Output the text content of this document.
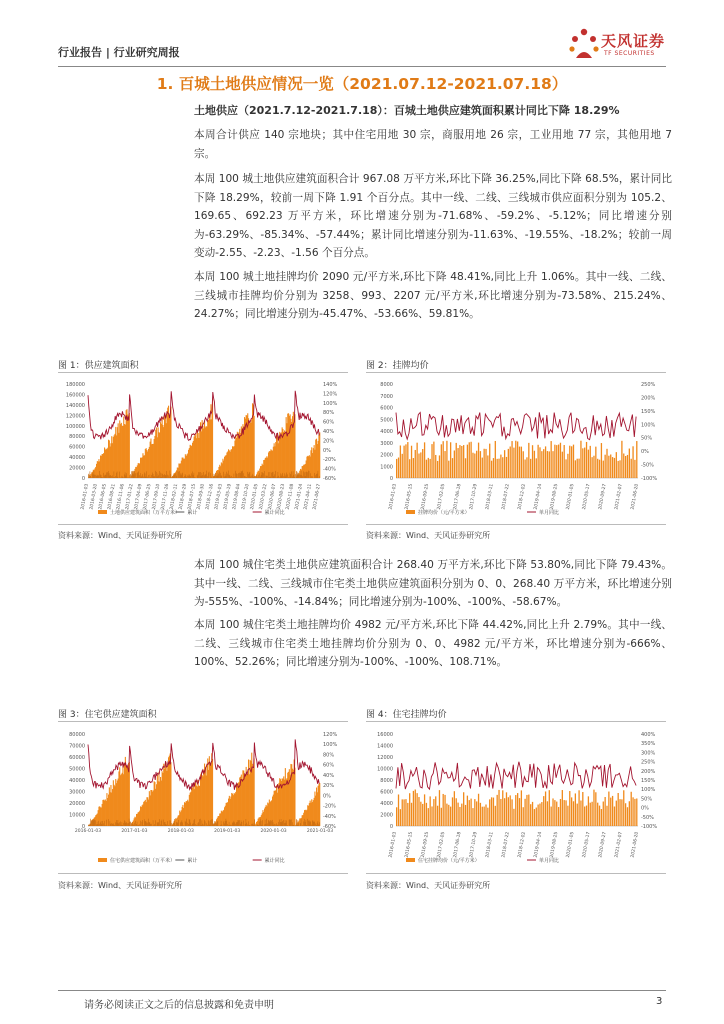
行业报告 | 行业研究周报
天风证券
TF SECURITIES
1. 百城土地供应情况一览（2021.07.12-2021.07.18）
土地供应（2021.7.12-2021.7.18）：百城土地供应建筑面积累计同比下降 18.29%
本周合计供应 140 宗地块；其中住宅用地 30 宗，商服用地 26 宗，工业用地 77 宗，其他用地 7 宗。
本周 100 城土地供应建筑面积合计 967.08 万平方米,环比下降 36.25%,同比下降 68.5%，累计同比下降 18.29%，较前一周下降 1.91 个百分点。其中一线、二线、三线城市供应面积分别为 105.2、169.65、692.23 万平方米，环比增速分别为-71.68%、-59.2%、-5.12%；同比增速分别为-63.29%、-85.34%、-57.44%；累计同比增速分别为-11.63%、-19.55%、-18.2%；较前一周变动-2.55、-2.23、-1.56 个百分点。
本周 100 城土地挂牌均价 2090 元/平方米,环比下降 48.41%,同比上升 1.06%。其中一线、二线、三线城市挂牌均价分别为 3258、993、2207 元/平方米,环比增速分别为-73.58%、215.24%、24.27%；同比增速分别为-45.47%、-53.66%、59.81%。
图 1：供应建筑面积
180000
160000
140000
120000
100000
80000
60000
40000
20000
0
140%
120%
100%
80%
60%
40%
20%
0%
-20%
-40%
-60%
2016-01-03 2016-03-20 2016-06-05 2016-08-21 2016-11-06 2017-01-22 2017-04-09 2017-06-25 2017-09-10 2017-11-26 2018-02-11 2018-04-29 2018-07-15 2018-09-30 2018-12-16 2019-03-03 2019-05-19 2019-08-04 2019-10-20 2020-01-05 2020-03-22 2020-06-07 2020-08-23 2020-11-08 2021-01-24 2021-04-11 2021-06-27
土地供应建筑面积（万平方米） 累计	累计同比
资料来源：Wind、天风证券研究所
图 2：挂牌均价
8000
7000
6000
5000
4000
3000
2000
1000
0
250%
200%
150%
100%
50%
0%
-50%
-100%
2016-01-03 2016-05-15 2016-09-25 2017-02-05 2017-06-18 2017-10-29 2018-03-11 2018-07-22 2018-12-02 2019-04-14 2019-08-25 2020-01-05 2020-05-17 2020-09-27 2021-02-07 2021-06-20
挂牌均价（元/平方米）	单月同比
资料来源：Wind、天风证券研究所
本周 100 城住宅类土地供应建筑面积合计 268.40 万平方米,环比下降 53.80%,同比下降 79.43%。其中一线、二线、三线城市住宅类土地供应建筑面积分别为 0、0、268.40 万平方米，环比增速分别为-555%、-100%、-14.84%；同比增速分别为-100%、-100%、-58.67%。
本周 100 城住宅类土地挂牌均价 4982 元/平方米,环比下降 44.42%,同比上升 2.79%。其中一线、二线、三线城市住宅类土地挂牌均价分别为 0、0、4982 元/平方米，环比增速分别为-666%、100%、52.26%；同比增速分别为-100%、-100%、108.71%。
图 3：住宅供应建筑面积
80000
70000
60000
50000
40000
30000
20000
10000
0
120%
100%
80%
60%
40%
20%
0%
-20%
-40%
-60%
2016-01-03	2017-01-03	2018-01-03	2019-01-03	2020-01-03	2021-01-03
住宅供应建筑面积（万平米） 累计	累计同比
资料来源：Wind、天风证券研究所
图 4：住宅挂牌均价
16000
14000
12000
10000
8000
6000
4000
2000
0
400%
350%
300%
250%
200%
150%
100%
50%
0%
-50%
-100%
2016-01-03 2016-05-15 2016-09-25 2017-02-05 2017-06-18 2017-10-29 2018-03-11 2018-07-22 2018-12-02 2019-04-14 2019-08-25 2020-01-05 2020-05-17 2020-09-27 2021-02-07 2021-06-20
住宅挂牌均价（元/平方米）	单月同比
资料来源：Wind、天风证券研究所
请务必阅读正文之后的信息披露和免责申明	3
